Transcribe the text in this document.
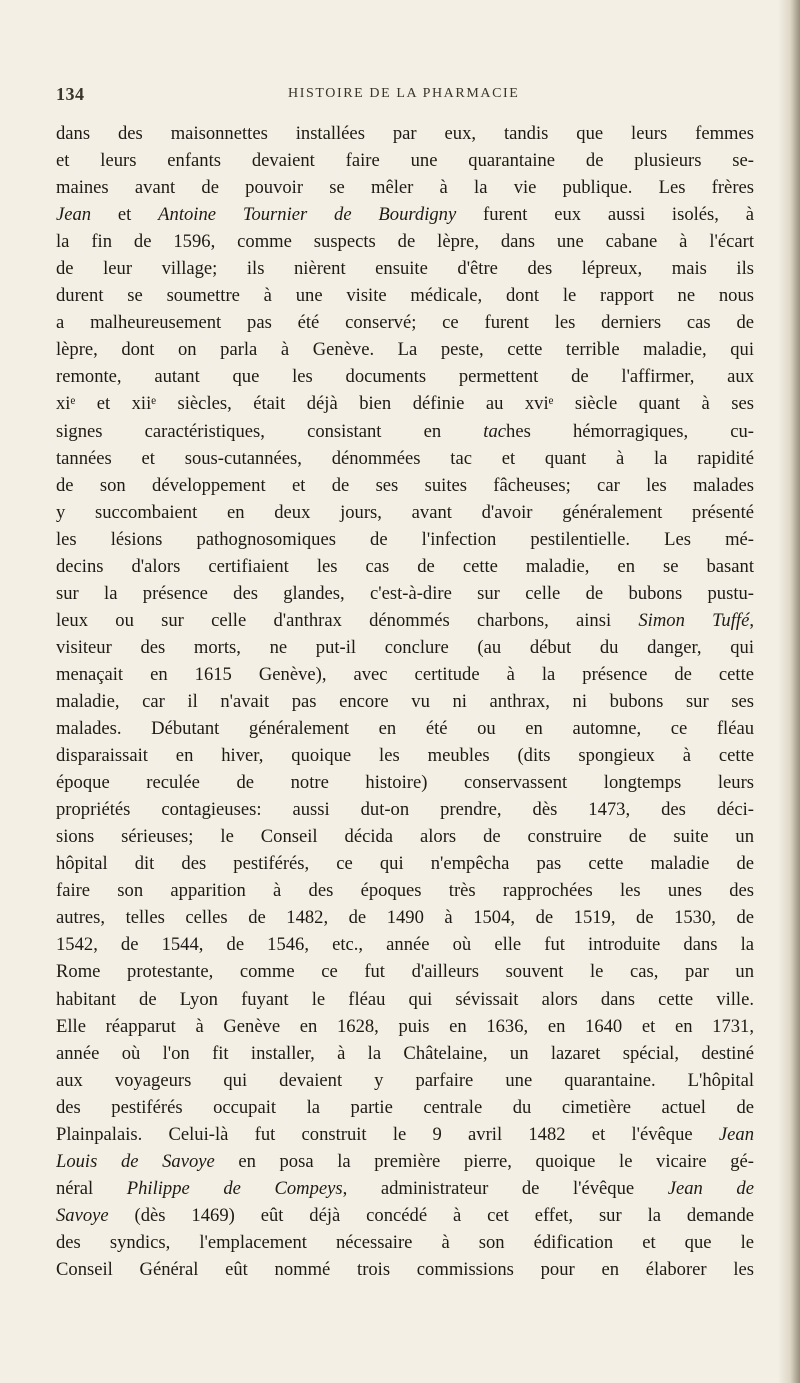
134	HISTOIRE DE LA PHARMACIE
dans des maisonnettes installées par eux, tandis que leurs femmes
et leurs enfants devaient faire une quarantaine de plusieurs se-
maines avant de pouvoir se mêler à la vie publique. Les frères
Jean et Antoine Tournier de Bourdigny furent eux aussi isolés, à
la fin de 1596, comme suspects de lèpre, dans une cabane à l'écart
de leur village; ils nièrent ensuite d'être des lépreux, mais ils
durent se soumettre à une visite médicale, dont le rapport ne nous
a malheureusement pas été conservé; ce furent les derniers cas de
lèpre, dont on parla à Genève. La peste, cette terrible maladie, qui
remonte, autant que les documents permettent de l'affirmer, aux
xiᵉ et xiiᵉ siècles, était déjà bien définie au xviᵉ siècle quant à ses
signes caractéristiques, consistant en taches hémorragiques, cu-
tannées et sous-cutannées, dénommées tac et quant à la rapidité
de son développement et de ses suites fâcheuses; car les malades
y succombaient en deux jours, avant d'avoir généralement présenté
les lésions pathognosomiques de l'infection pestilentielle. Les mé-
decins d'alors certifiaient les cas de cette maladie, en se basant
sur la présence des glandes, c'est-à-dire sur celle de bubons pustu-
leux ou sur celle d'anthrax dénommés charbons, ainsi Simon Tuffé,
visiteur des morts, ne put-il conclure (au début du danger, qui
menaçait en 1615 Genève), avec certitude à la présence de cette
maladie, car il n'avait pas encore vu ni anthrax, ni bubons sur ses
malades. Débutant généralement en été ou en automne, ce fléau
disparaissait en hiver, quoique les meubles (dits spongieux à cette
époque reculée de notre histoire) conservassent longtemps leurs
propriétés contagieuses: aussi dut-on prendre, dès 1473, des déci-
sions sérieuses; le Conseil décida alors de construire de suite un
hôpital dit des pestiférés, ce qui n'empêcha pas cette maladie de
faire son apparition à des époques très rapprochées les unes des
autres, telles celles de 1482, de 1490 à 1504, de 1519, de 1530, de
1542, de 1544, de 1546, etc., année où elle fut introduite dans la
Rome protestante, comme ce fut d'ailleurs souvent le cas, par un
habitant de Lyon fuyant le fléau qui sévissait alors dans cette ville.
Elle réapparut à Genève en 1628, puis en 1636, en 1640 et en 1731,
année où l'on fit installer, à la Châtelaine, un lazaret spécial, destiné
aux voyageurs qui devaient y parfaire une quarantaine. L'hôpital
des pestiférés occupait la partie centrale du cimetière actuel de
Plainpalais. Celui-là fut construit le 9 avril 1482 et l'évêque Jean
Louis de Savoye en posa la première pierre, quoique le vicaire gé-
néral Philippe de Compeys, administrateur de l'évêque Jean de
Savoye (dès 1469) eût déjà concédé à cet effet, sur la demande
des syndics, l'emplacement nécessaire à son édification et que le
Conseil Général eût nommé trois commissions pour en élaborer les
